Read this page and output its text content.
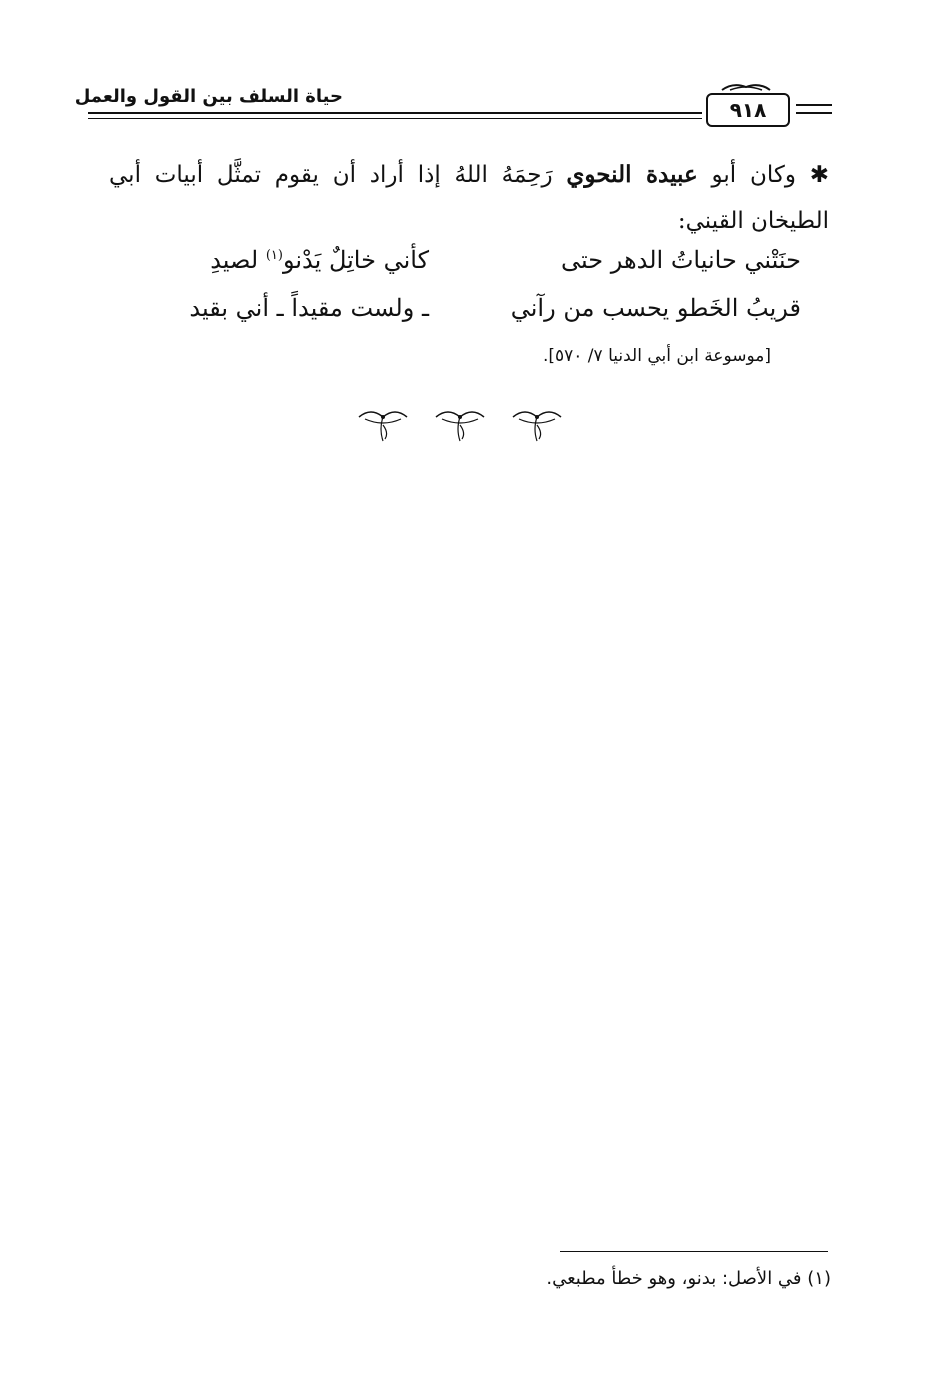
حياة السلف بين القول والعمل
٩١٨
✱ وكان أبو عبيدة النحوي رَحِمَهُ اللهُ إذا أراد أن يقوم تمثَّل أبيات أبي الطيخان القيني:
حنَتْني حانياتُ الدهر حتى
كأني خاتِلٌ يَدْنو$^{(١)}$ لصيدِ
قريبُ الخَطو يحسب من رآني
ـ ولست مقيداً ـ أني بقيد
[موسوعة ابن أبي الدنيا ٧/ ٥٧٠].
(١) في الأصل: بدنو، وهو خطأ مطبعي.
